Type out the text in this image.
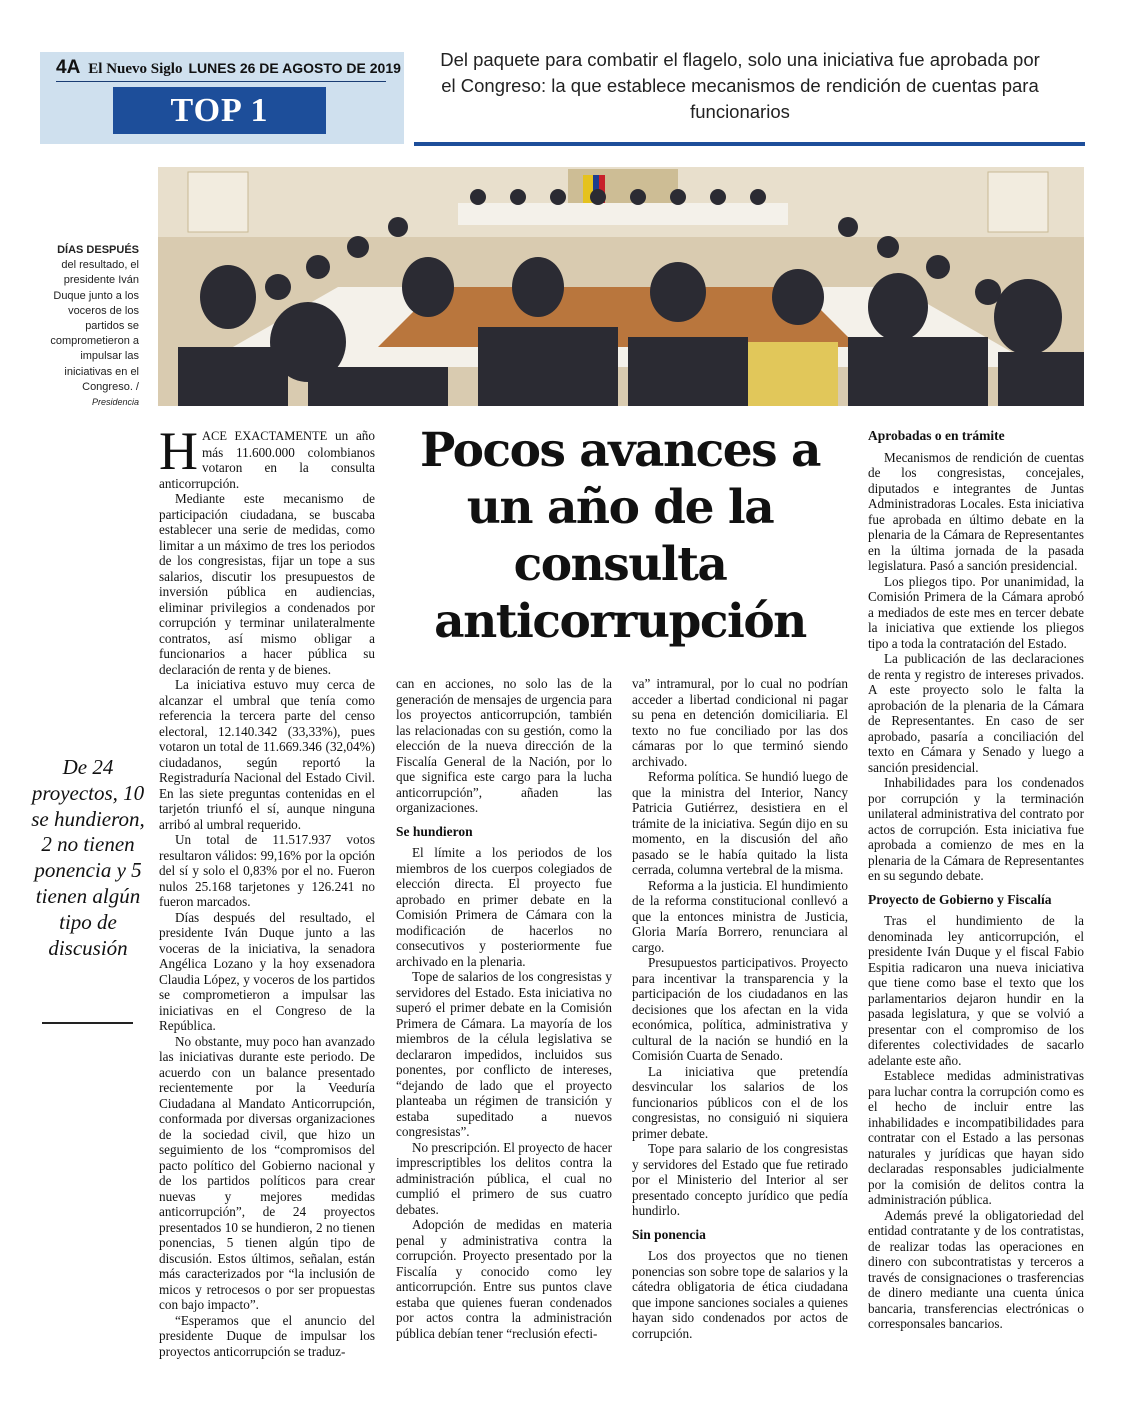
4A El Nuevo Siglo LUNES 26 DE AGOSTO DE 2019
TOP 1
Del paquete para combatir el flagelo, solo una iniciativa fue aprobada por el Congreso: la que establece mecanismos de rendición de cuentas para funcionarios
DÍAS DESPUÉS
del resultado, el presidente Iván Duque junto a los voceros de los partidos se comprometieron a impulsar las iniciativas en el Congreso. /
Presidencia
De 24 proyectos, 10 se hundieron, 2 no tienen ponencia y 5 tienen algún tipo de discusión
Pocos avances a un año de la consulta anticorrupción

HACE EXACTAMENTE un año más 11.600.000 colombianos votaron en la consulta anticorrupción.

Mediante este mecanismo de participación ciudadana, se buscaba establecer una serie de medidas, como limitar a un máximo de tres los periodos de los congresistas, fijar un tope a sus salarios, discutir los presupuestos de inversión pública en audiencias, eliminar privilegios a condenados por corrupción y terminar unilateralmente contratos, así mismo obligar a funcionarios a hacer pública su declaración de renta y de bienes.

La iniciativa estuvo muy cerca de alcanzar el umbral que tenía como referencia la tercera parte del censo electoral, 12.140.342 (33,33%), pues votaron un total de 11.669.346 (32,04%) ciudadanos, según reportó la Registraduría Nacional del Estado Civil. En las siete preguntas contenidas en el tarjetón triunfó el sí, aunque ninguna arribó al umbral requerido.

Un total de 11.517.937 votos resultaron válidos: 99,16% por la opción del sí y solo el 0,83% por el no. Fueron nulos 25.168 tarjetones y 126.241 no fueron marcados.

Días después del resultado, el presidente Iván Duque junto a las voceras de la iniciativa, la senadora Angélica Lozano y la hoy exsenadora Claudia López, y voceros de los partidos se comprometieron a impulsar las iniciativas en el Congreso de la República.

No obstante, muy poco han avanzado las iniciativas durante este periodo. De acuerdo con un balance presentado recientemente por la Veeduría Ciudadana al Mandato Anticorrupción, conformada por diversas organizaciones de la sociedad civil, que hizo un seguimiento de los “compromisos del pacto político del Gobierno nacional y de los partidos políticos para crear nuevas y mejores medidas anticorrupción”, de 24 proyectos presentados 10 se hundieron, 2 no tienen ponencias, 5 tienen algún tipo de discusión. Estos últimos, señalan, están más caracterizados por “la inclusión de micos y retrocesos o por ser propuestas con bajo impacto”.

“Esperamos que el anuncio del presidente Duque de impulsar los proyectos anticorrupción se traduz-

can en acciones, no solo las de la generación de mensajes de urgencia para los proyectos anticorrupción, también las relacionadas con su gestión, como la elección de la nueva dirección de la Fiscalía General de la Nación, por lo que significa este cargo para la lucha anticorrupción”, añaden las organizaciones.

Se hundieron

El límite a los periodos de los miembros de los cuerpos colegiados de elección directa. El proyecto fue aprobado en primer debate en la Comisión Primera de Cámara con la modificación de hacerlos no consecutivos y posteriormente fue archivado en la plenaria.

Tope de salarios de los congresistas y servidores del Estado. Esta iniciativa no superó el primer debate en la Comisión Primera de Cámara. La mayoría de los miembros de la célula legislativa se declararon impedidos, incluidos sus ponentes, por conflicto de intereses, “dejando de lado que el proyecto planteaba un régimen de transición y estaba supeditado a nuevos congresistas”.

No prescripción. El proyecto de hacer imprescriptibles los delitos contra la administración pública, el cual no cumplió el primero de sus cuatro debates.

Adopción de medidas en materia penal y administrativa contra la corrupción. Proyecto presentado por la Fiscalía y conocido como ley anticorrupción. Entre sus puntos clave estaba que quienes fueran condenados por actos contra la administración pública debían tener “reclusión efecti-

va” intramural, por lo cual no podrían acceder a libertad condicional ni pagar su pena en detención domiciliaria. El texto no fue conciliado por las dos cámaras por lo que terminó siendo archivado.

Reforma política. Se hundió luego de que la ministra del Interior, Nancy Patricia Gutiérrez, desistiera en el trámite de la iniciativa. Según dijo en su momento, en la discusión del año pasado se le había quitado la lista cerrada, columna vertebral de la misma.

Reforma a la justicia. El hundimiento de la reforma constitucional conllevó a que la entonces ministra de Justicia, Gloria María Borrero, renunciara al cargo.

Presupuestos participativos. Proyecto para incentivar la transparencia y la participación de los ciudadanos en las decisiones que los afectan en la vida económica, política, administrativa y cultural de la nación se hundió en la Comisión Cuarta de Senado.

La iniciativa que pretendía desvincular los salarios de los funcionarios públicos con el de los congresistas, no consiguió ni siquiera primer debate.

Tope para salario de los congresistas y servidores del Estado que fue retirado por el Ministerio del Interior al ser presentado concepto jurídico que pedía hundirlo.

Sin ponencia

Los dos proyectos que no tienen ponencias son sobre tope de salarios y la cátedra obligatoria de ética ciudadana que impone sanciones sociales a quienes hayan sido condenados por actos de corrupción.

Aprobadas o en trámite

Mecanismos de rendición de cuentas de los congresistas, concejales, diputados e integrantes de Juntas Administradoras Locales. Esta iniciativa fue aprobada en último debate en la plenaria de la Cámara de Representantes en la última jornada de la pasada legislatura. Pasó a sanción presidencial.

Los pliegos tipo. Por unanimidad, la Comisión Primera de la Cámara aprobó a mediados de este mes en tercer debate la iniciativa que extiende los pliegos tipo a toda la contratación del Estado.

La publicación de las declaraciones de renta y registro de intereses privados. A este proyecto solo le falta la aprobación de la plenaria de la Cámara de Representantes. En caso de ser aprobado, pasaría a conciliación del texto en Cámara y Senado y luego a sanción presidencial.

Inhabilidades para los condenados por corrupción y la terminación unilateral administrativa del contrato por actos de corrupción. Esta iniciativa fue aprobada a comienzo de mes en la plenaria de la Cámara de Representantes en su segundo debate.

Proyecto de Gobierno y Fiscalía

Tras el hundimiento de la denominada ley anticorrupción, el presidente Iván Duque y el fiscal Fabio Espitia radicaron una nueva iniciativa que tiene como base el texto que los parlamentarios dejaron hundir en la pasada legislatura, y que se volvió a presentar con el compromiso de los diferentes colectividades de sacarlo adelante este año.

Establece medidas administrativas para luchar contra la corrupción como es el hecho de incluir entre las inhabilidades e incompatibilidades para contratar con el Estado a las personas naturales y jurídicas que hayan sido declaradas responsables judicialmente por la comisión de delitos contra la administración pública.

Además prevé la obligatoriedad del entidad contratante y de los contratistas, de realizar todas las operaciones en dinero con subcontratistas y terceros a través de consignaciones o trasferencias de dinero mediante una cuenta única bancaria, transferencias electrónicas o corresponsales bancarios.
